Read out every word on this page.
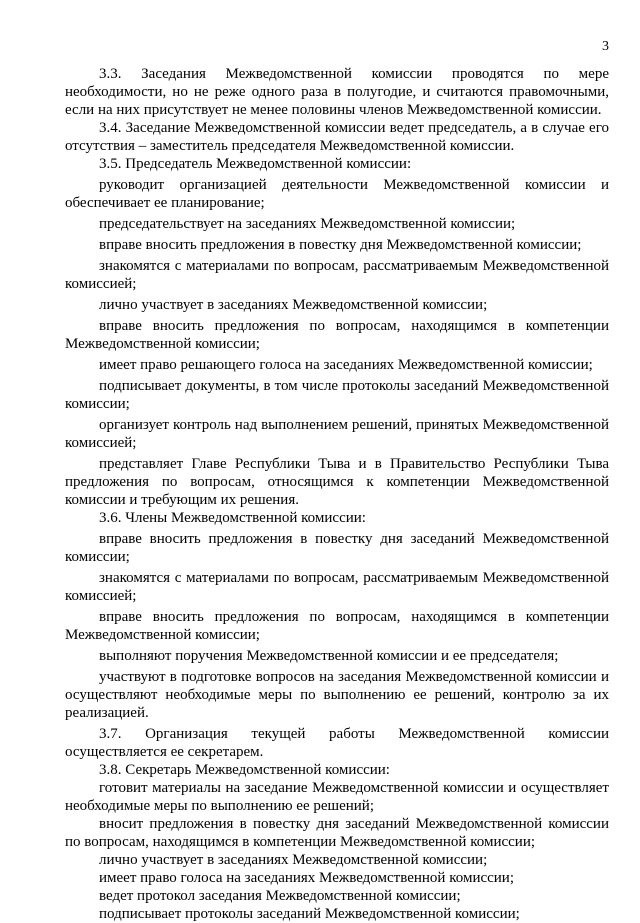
3

3.3. Заседания Межведомственной комиссии проводятся по мере необходимости, но не реже одного раза в полугодие, и считаются правомочными, если на них присутствует не менее половины членов Межведомственной комиссии.

3.4. Заседание Межведомственной комиссии ведет председатель, а в случае его отсутствия – заместитель председателя Межведомственной комиссии.

3.5. Председатель Межведомственной комиссии:

руководит организацией деятельности Межведомственной комиссии и обеспечивает ее планирование;

председательствует на заседаниях Межведомственной комиссии;

вправе вносить предложения в повестку дня Межведомственной комиссии;

знакомятся с материалами по вопросам, рассматриваемым Межведомственной комиссией;

лично участвует в заседаниях Межведомственной комиссии;

вправе вносить предложения по вопросам, находящимся в компетенции Межведомственной комиссии;

имеет право решающего голоса на заседаниях Межведомственной комиссии;

подписывает документы, в том числе протоколы заседаний Межведомственной комиссии;

организует контроль над выполнением решений, принятых Межведомственной комиссией;

представляет Главе Республики Тыва и в Правительство Республики Тыва предложения по вопросам, относящимся к компетенции Межведомственной комиссии и требующим их решения.

3.6. Члены Межведомственной комиссии:

вправе вносить предложения в повестку дня заседаний Межведомственной комиссии;

знакомятся с материалами по вопросам, рассматриваемым Межведомственной комиссией;

вправе вносить предложения по вопросам, находящимся в компетенции Межведомственной комиссии;

выполняют поручения Межведомственной комиссии и ее председателя;

участвуют в подготовке вопросов на заседания Межведомственной комиссии и осуществляют необходимые меры по выполнению ее решений, контролю за их реализацией.

3.7. Организация текущей работы Межведомственной комиссии осуществляется ее секретарем.

3.8. Секретарь Межведомственной комиссии:

готовит материалы на заседание Межведомственной комиссии и осуществляет необходимые меры по выполнению ее решений;

вносит предложения в повестку дня заседаний Межведомственной комиссии по вопросам, находящимся в компетенции Межведомственной комиссии;

лично участвует в заседаниях Межведомственной комиссии;

имеет право голоса на заседаниях Межведомственной комиссии;

ведет протокол заседания Межведомственной комиссии;

подписывает протоколы заседаний Межведомственной комиссии;
